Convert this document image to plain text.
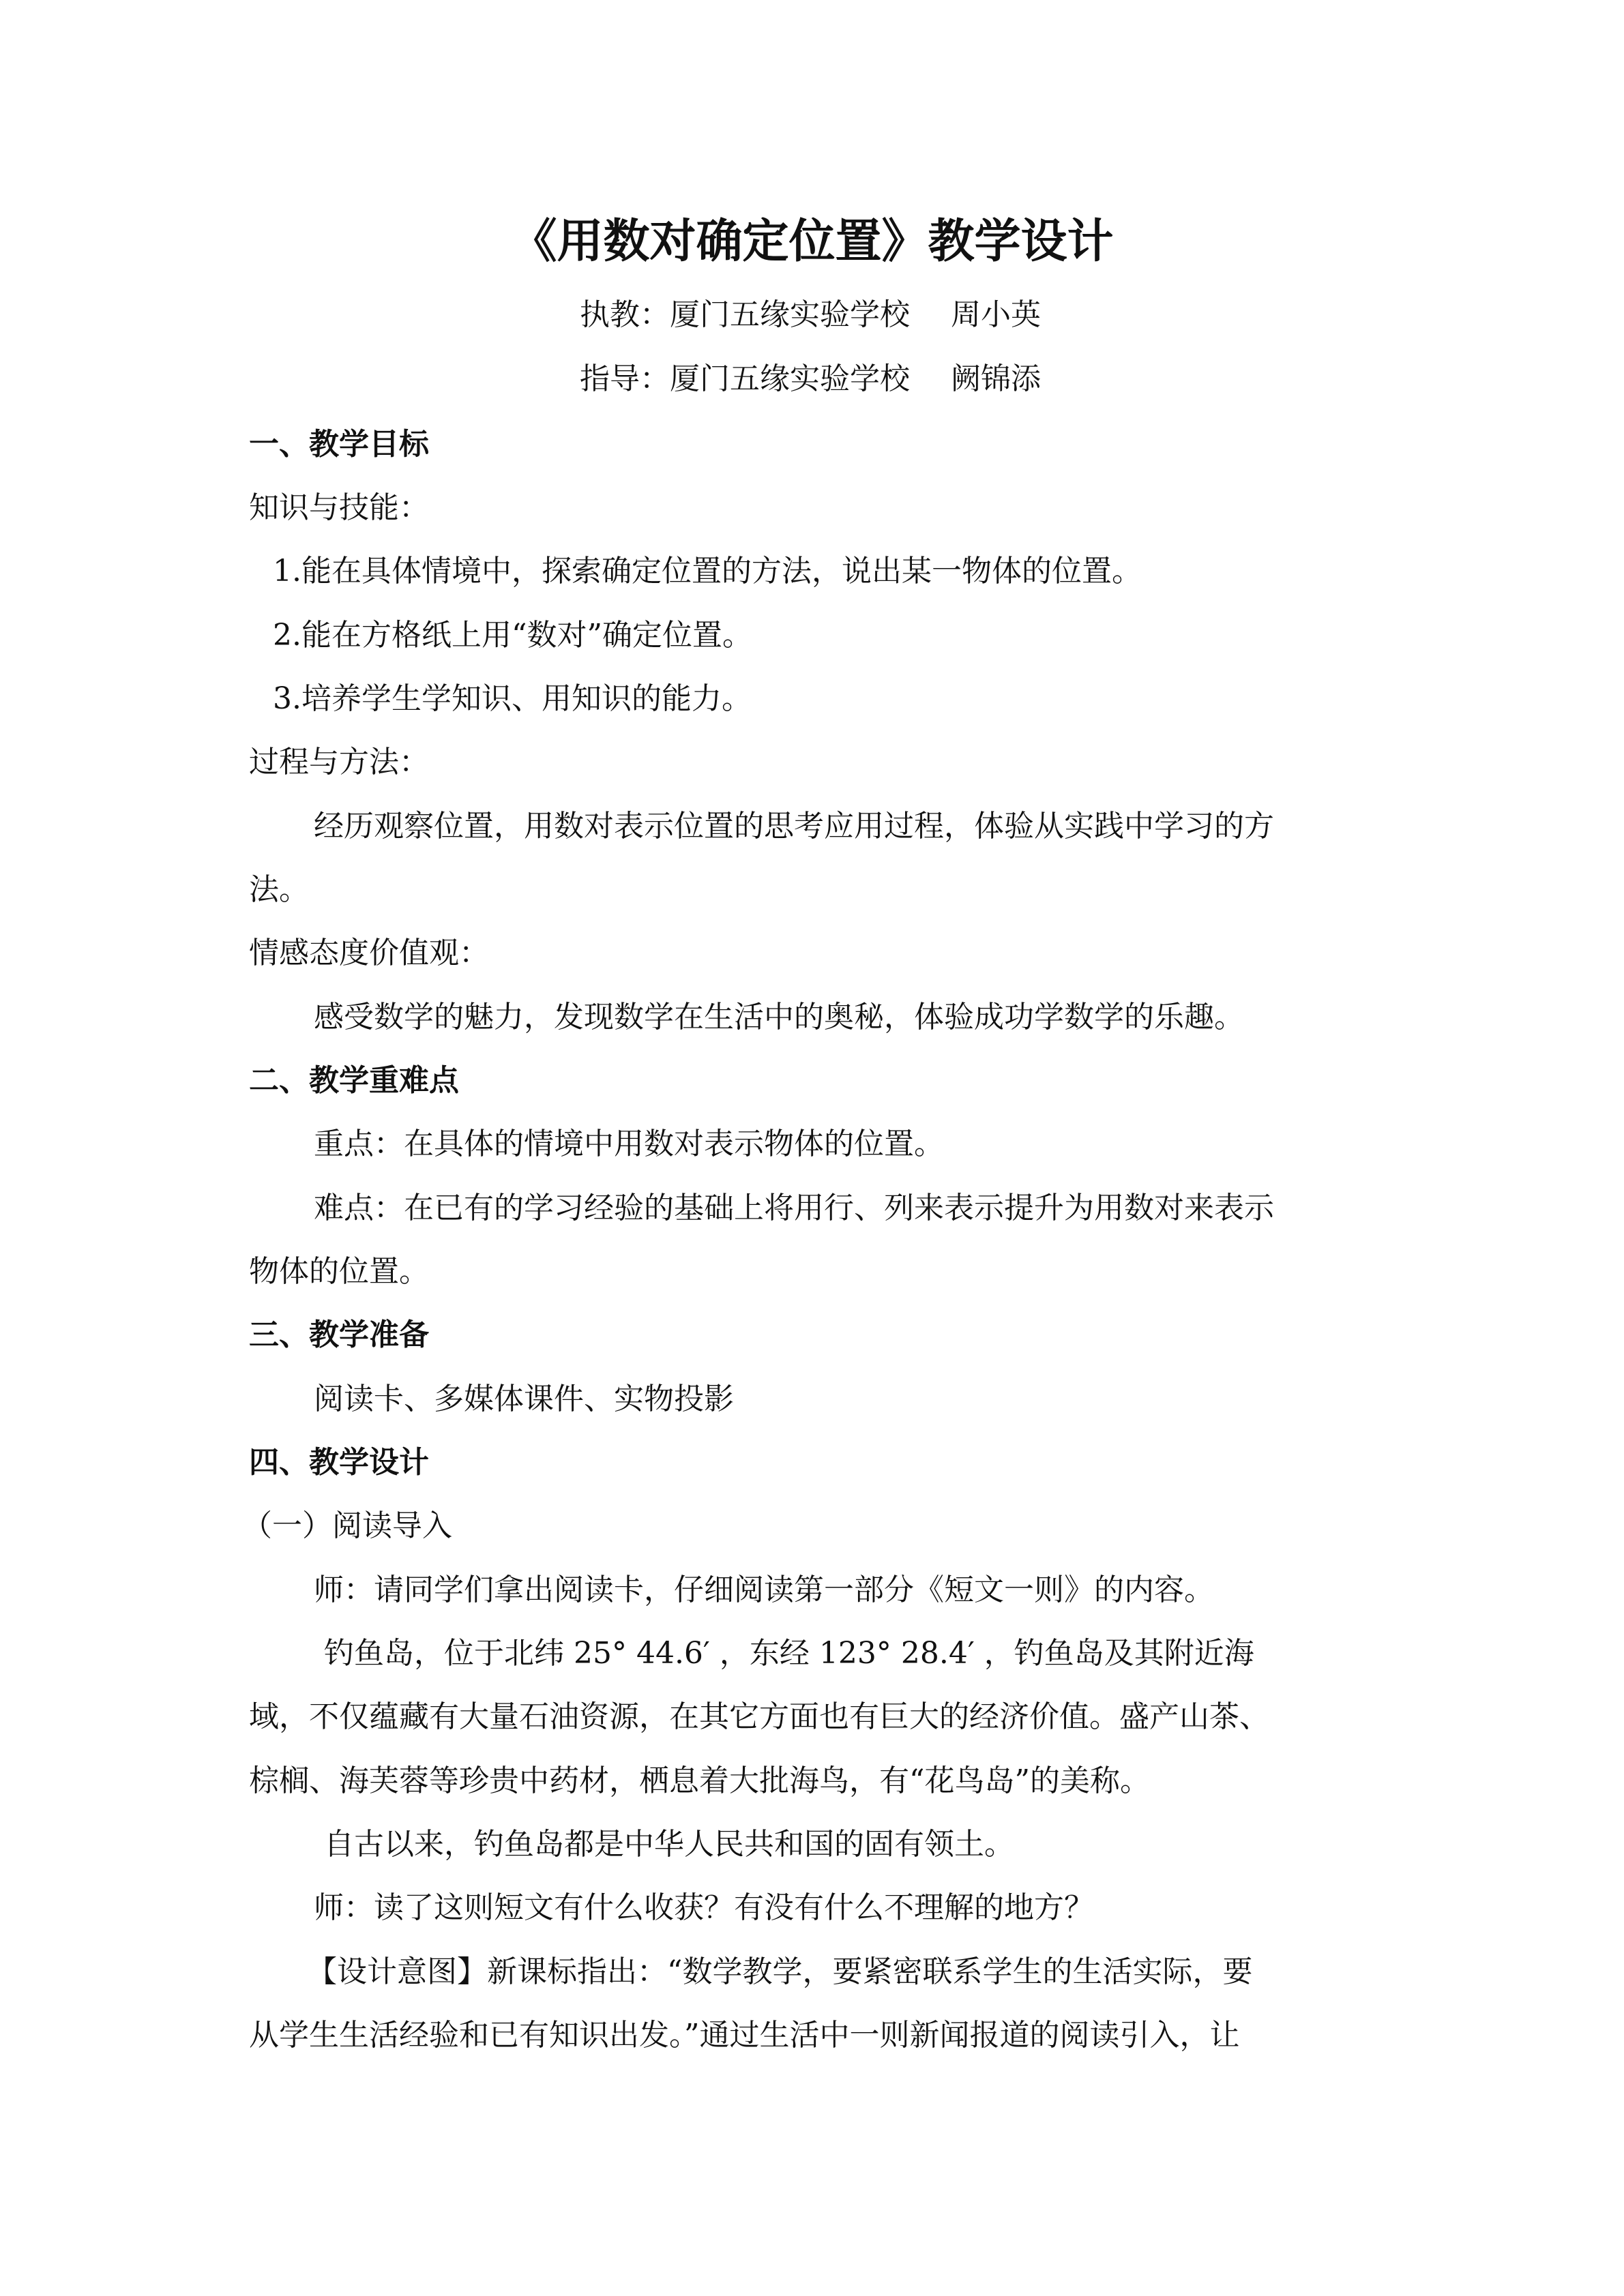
《用数对确定位置》教学设计
执教：厦门五缘实验学校 周小英
指导：厦门五缘实验学校 阙锦添
一、教学目标
知识与技能：
1.能在具体情境中，探索确定位置的方法，说出某一物体的位置。
2.能在方格纸上用“数对”确定位置。
3.培养学生学知识、用知识的能力。
过程与方法：
经历观察位置，用数对表示位置的思考应用过程，体验从实践中学习的方
法。
情感态度价值观：
感受数学的魅力，发现数学在生活中的奥秘，体验成功学数学的乐趣。
二、教学重难点
重点：在具体的情境中用数对表示物体的位置。
难点：在已有的学习经验的基础上将用行、列来表示提升为用数对来表示
物体的位置。
三、教学准备
阅读卡、多媒体课件、实物投影
四、教学设计
（一）阅读导入
师：请同学们拿出阅读卡，仔细阅读第一部分《短文一则》的内容。
钓鱼岛，位于北纬 25° 44.6′ ，东经 123° 28.4′ ，钓鱼岛及其附近海
域，不仅蕴藏有大量石油资源，在其它方面也有巨大的经济价值。盛产山茶、
棕榈、海芙蓉等珍贵中药材，栖息着大批海鸟，有“花鸟岛”的美称。
自古以来，钓鱼岛都是中华人民共和国的固有领土。
师：读了这则短文有什么收获？有没有什么不理解的地方？
【设计意图】新课标指出：“数学教学，要紧密联系学生的生活实际，要
从学生生活经验和已有知识出发。”通过生活中一则新闻报道的阅读引入，让
